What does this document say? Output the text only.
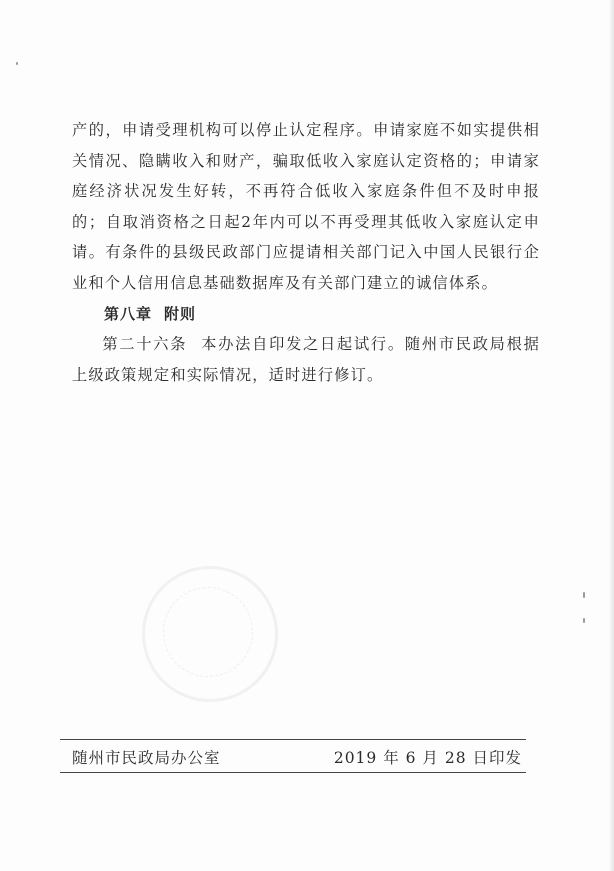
产的，申请受理机构可以停止认定程序。申请家庭不如实提供相关情况、隐瞒收入和财产，骗取低收入家庭认定资格的；申请家庭经济状况发生好转，不再符合低收入家庭条件但不及时申报的；自取消资格之日起2年内可以不再受理其低收入家庭认定申请。有条件的县级民政部门应提请相关部门记入中国人民银行企业和个人信用信息基础数据库及有关部门建立的诚信体系。

第八章 附则

第二十六条 本办法自印发之日起试行。随州市民政局根据上级政策规定和实际情况，适时进行修订。

随州市民政局办公室	2019 年 6 月 28 日印发
